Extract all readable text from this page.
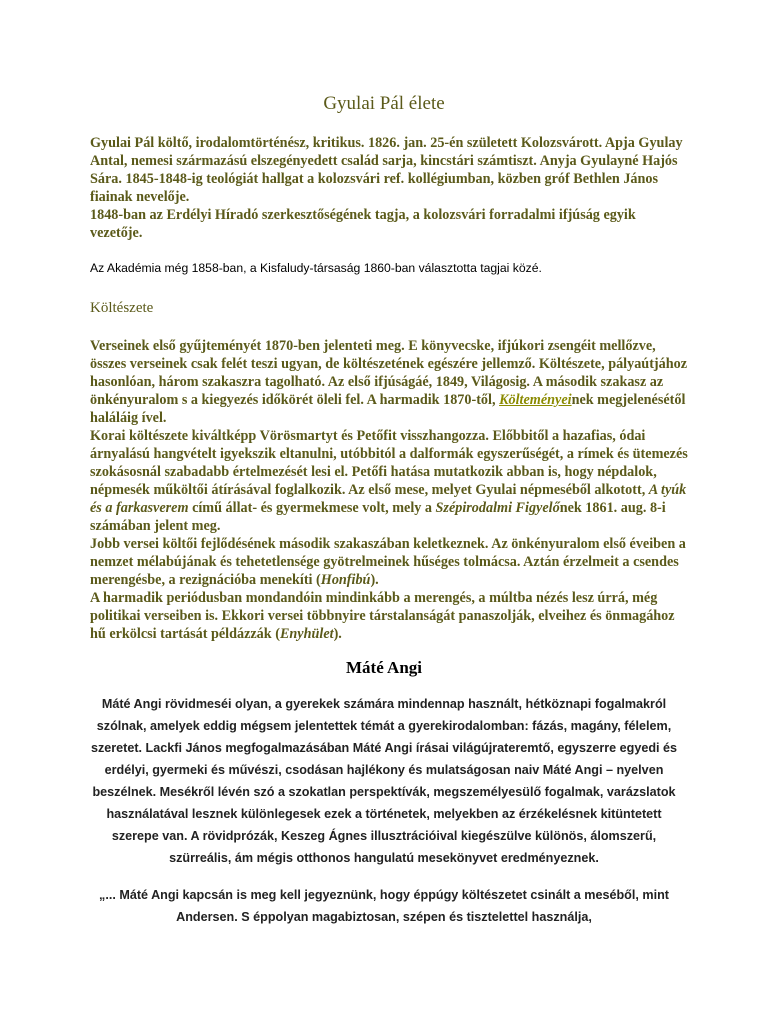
Gyulai Pál élete

Gyulai Pál költő, irodalomtörténész, kritikus. 1826. jan. 25-én született Kolozsvárott. Apja Gyulay Antal, nemesi származású elszegényedett család sarja, kincstári számtiszt. Anyja Gyulayné Hajós Sára. 1845-1848-ig teológiát hallgat a kolozsvári ref. kollégiumban, közben gróf Bethlen János fiainak nevelője.

1848-ban az Erdélyi Híradó szerkesztőségének tagja, a kolozsvári forradalmi ifjúság egyik vezetője.

Az Akadémia még 1858-ban, a Kisfaludy-társaság 1860-ban választotta tagjai közé.

Költészete

Verseinek első gyűjteményét 1870-ben jelenteti meg. E könyvecske, ifjúkori zsengéit mellőzve, összes verseinek csak felét teszi ugyan, de költészetének egészére jellemző. Költészete, pályaútjához hasonlóan, három szakaszra tagolható. Az első ifjúságáé, 1849, Világosig. A második szakasz az önkényuralom s a kiegyezés időkörét öleli fel. A harmadik 1870-től, Költeményeinek megjelenésétől haláláig ível.

Korai költészete kiváltképp Vörösmartyt és Petőfit visszhangozza. Előbbitől a hazafias, ódai árnyalású hangvételt igyekszik eltanulni, utóbbitól a dalformák egyszerűségét, a rímek és ütemezés szokásosnál szabadabb értelmezését lesi el. Petőfi hatása mutatkozik abban is, hogy népdalok, népmesék műköltői átírásával foglalkozik. Az első mese, melyet Gyulai népmeséből alkotott, A tyúk és a farkasverem című állat- és gyermekmese volt, mely a Szépirodalmi Figyelőnek 1861. aug. 8-i számában jelent meg.

Jobb versei költői fejlődésének második szakaszában keletkeznek. Az önkényuralom első éveiben a nemzet mélabújának és tehetetlensége gyötrelmeinek hűséges tolmácsa. Aztán érzelmeit a csendes merengésbe, a rezignációba menekíti (Honfibú).

A harmadik periódusban mondandóin mindinkább a merengés, a múltba nézés lesz úrrá, még politikai verseiben is. Ekkori versei többnyire társtalanságát panaszolják, elveihez és önmagához hű erkölcsi tartását példázzák (Enyhület).

Máté Angi

Máté Angi rövidmeséi olyan, a gyerekek számára mindennap használt, hétköznapi fogalmakról szólnak, amelyek eddig mégsem jelentettek témát a gyerekirodalomban: fázás, magány, félelem, szeretet. Lackfi János megfogalmazásában Máté Angi írásai világújrateremtő, egyszerre egyedi és erdélyi, gyermeki és művészi, csodásan hajlékony és mulatságosan naiv Máté Angi – nyelven beszélnek. Mesékről lévén szó a szokatlan perspektívák, megszemélyesülő fogalmak, varázslatok használatával lesznek különlegesek ezek a történetek, melyekben az érzékelésnek kitüntetett szerepe van. A rövidprózák, Keszeg Ágnes illusztrációival kiegészülve különös, álomszerű, szürreális, ám mégis otthonos hangulatú mesekönyvet eredményeznek.

„... Máté Angi kapcsán is meg kell jegyeznünk, hogy éppúgy költészetet csinált a meséből, mint Andersen. S éppolyan magabiztosan, szépen és tisztelettel használja,
